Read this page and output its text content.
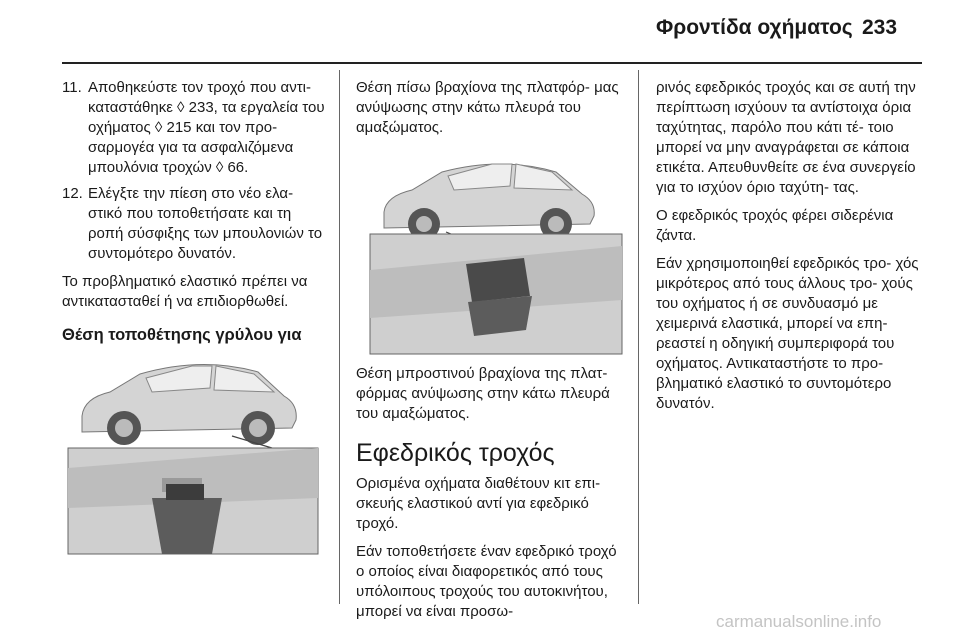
Φροντίδα οχήματος 233
11. Αποθηκεύστε τον τροχό που αντι- καταστάθηκε ◊ 233, τα εργαλεία του οχήματος ◊ 215 και τον προ- σαρμογέα για τα ασφαλιζόμενα μπουλόνια τροχών ◊ 66.
12. Ελέγξτε την πίεση στο νέο ελα- στικό που τοποθετήσατε και τη ροπή σύσφιξης των μπουλονιών το συντομότερο δυνατόν.

Το προβληματικό ελαστικό πρέπει να αντικατασταθεί ή να επιδιορθωθεί.

Θέση τοποθέτησης γρύλου για

Θέση πίσω βραχίονα της πλατφόρ- μας ανύψωσης στην κάτω πλευρά του αμαξώματος.

Θέση μπροστινού βραχίονα της πλατ- φόρμας ανύψωσης στην κάτω πλευρά του αμαξώματος.

Εφεδρικός τροχός

Ορισμένα οχήματα διαθέτουν κιτ επι- σκευής ελαστικού αντί για εφεδρικό τροχό.

Εάν τοποθετήσετε έναν εφεδρικό τροχό ο οποίος είναι διαφορετικός από τους υπόλοιπους τροχούς του αυτοκινήτου, μπορεί να είναι προσω-

ρινός εφεδρικός τροχός και σε αυτή την περίπτωση ισχύουν τα αντίστοιχα όρια ταχύτητας, παρόλο που κάτι τέ- τοιο μπορεί να μην αναγράφεται σε κάποια ετικέτα. Απευθυνθείτε σε ένα συνεργείο για το ισχύον όριο ταχύτη- τας.

Ο εφεδρικός τροχός φέρει σιδερένια ζάντα.

Εάν χρησιμοποιηθεί εφεδρικός τρο- χός μικρότερος από τους άλλους τρο- χούς του οχήματος ή σε συνδυασμό με χειμερινά ελαστικά, μπορεί να επη- ρεαστεί η οδηγική συμπεριφορά του οχήματος. Αντικαταστήστε το προ- βληματικό ελαστικό το συντομότερο δυνατόν.

carmanualsonline.info
